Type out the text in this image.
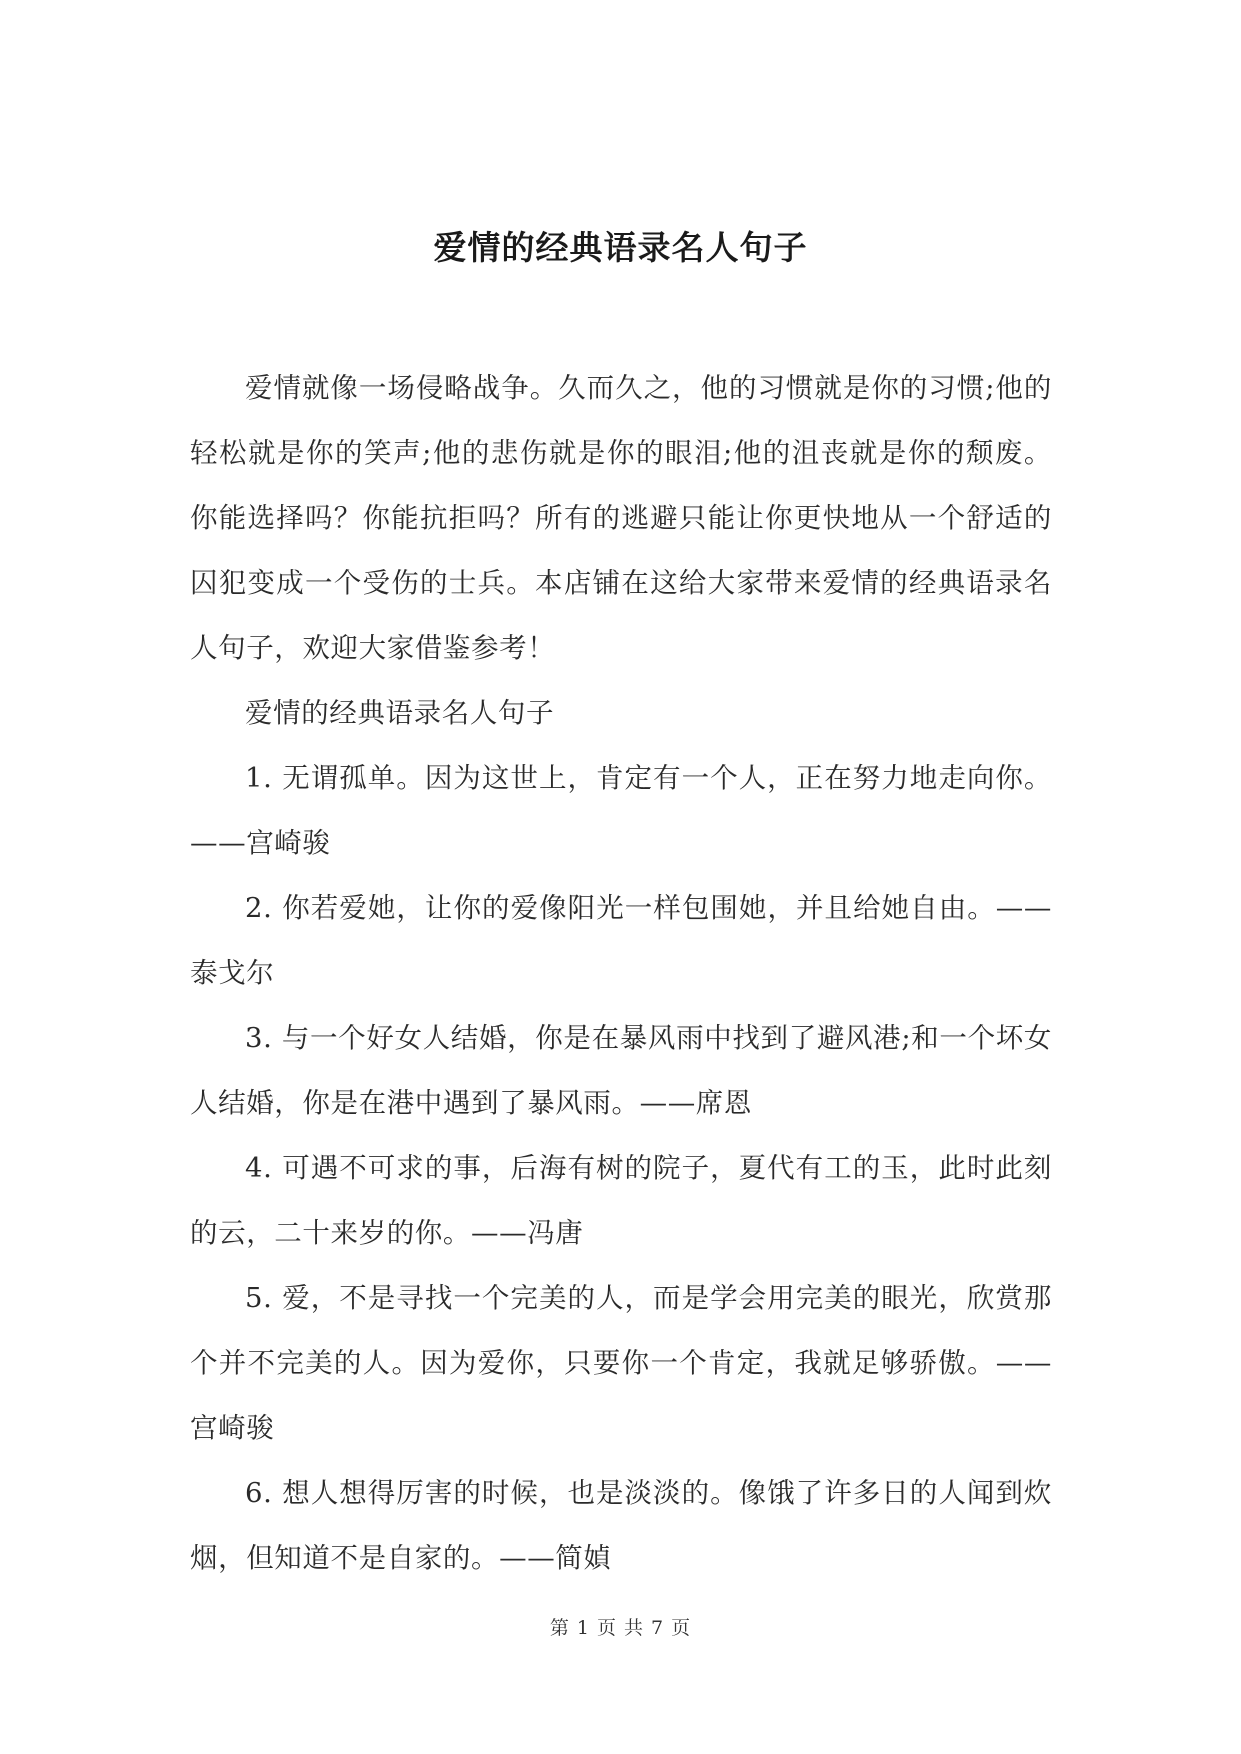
爱情的经典语录名人句子

爱情就像一场侵略战争。久而久之，他的习惯就是你的习惯;他的轻松就是你的笑声;他的悲伤就是你的眼泪;他的沮丧就是你的颓废。你能选择吗？你能抗拒吗？所有的逃避只能让你更快地从一个舒适的囚犯变成一个受伤的士兵。本店铺在这给大家带来爱情的经典语录名人句子，欢迎大家借鉴参考！

爱情的经典语录名人句子

1. 无谓孤单。因为这世上，肯定有一个人，正在努力地走向你。——宫崎骏

2. 你若爱她，让你的爱像阳光一样包围她，并且给她自由。——泰戈尔

3. 与一个好女人结婚，你是在暴风雨中找到了避风港;和一个坏女人结婚，你是在港中遇到了暴风雨。——席恩

4. 可遇不可求的事，后海有树的院子，夏代有工的玉，此时此刻的云，二十来岁的你。——冯唐

5. 爱，不是寻找一个完美的人，而是学会用完美的眼光，欣赏那个并不完美的人。因为爱你，只要你一个肯定，我就足够骄傲。——宫崎骏

6. 想人想得厉害的时候，也是淡淡的。像饿了许多日的人闻到炊烟，但知道不是自家的。——简媜

第 1 页 共 7 页
